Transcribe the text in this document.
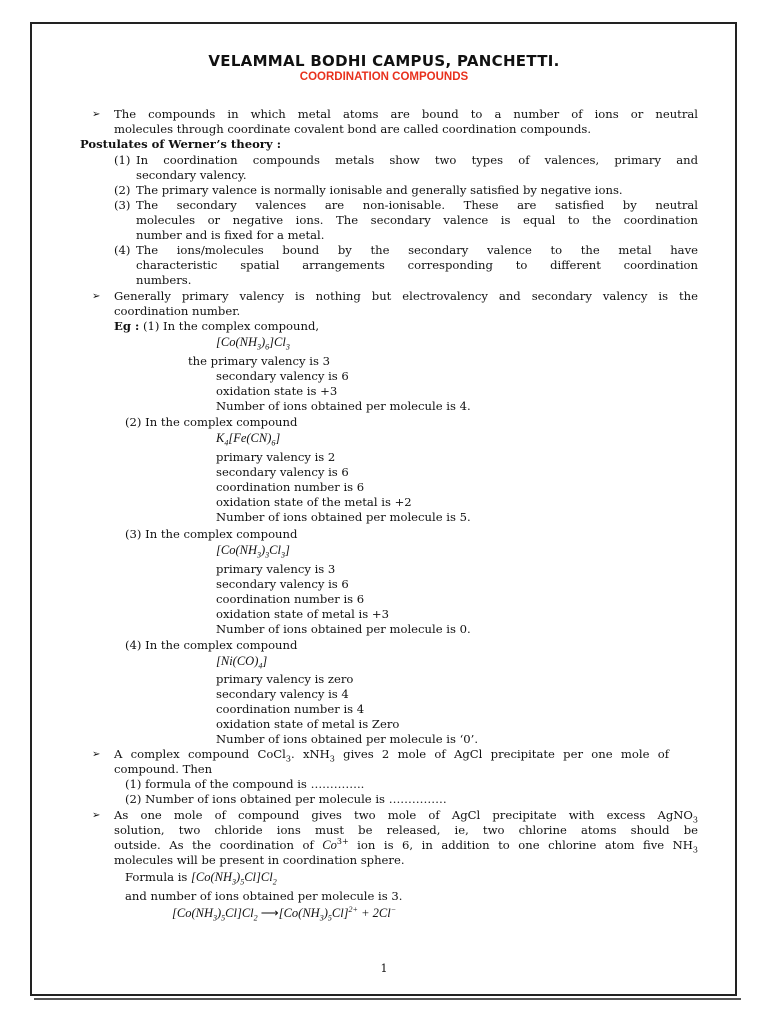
VELAMMAL BODHI CAMPUS, PANCHETTI.
COORDINATION COMPOUNDS
➢ The compounds in which metal atoms are bound to a number of ions or neutral
molecules through coordinate covalent bond are called coordination compounds.
Postulates of Werner’s theory :
(1) In coordination compounds metals show two types of valences, primary and
secondary valency.
(2) The primary valence is normally ionisable and generally satisfied by negative ions.
(3) The secondary valences are non-ionisable. These are satisfied by neutral
molecules or negative ions. The secondary valence is equal to the coordination
number and is fixed for a metal.
(4) The ions/molecules bound by the secondary valence to the metal have
characteristic spatial arrangements corresponding to different coordination
numbers.
➢ Generally primary valency is nothing but electrovalency and secondary valency is the
coordination number.
Eg : (1) In the complex compound,
$[Co(NH_3)_6]Cl_3$
the primary valency is 3
secondary valency is 6
oxidation state is +3
Number of ions obtained per molecule is 4.
(2) In the complex compound
$K_4[Fe(CN)_6]$
primary valency is 2
secondary valency is 6
coordination number is 6
oxidation state of the metal is +2
Number of ions obtained per molecule is 5.
(3) In the complex compound
$[Co(NH_3)_3Cl_3]$
primary valency is 3
secondary valency is 6
coordination number is 6
oxidation state of metal is +3
Number of ions obtained per molecule is 0.
(4) In the complex compound
$[Ni(CO)_4]$
primary valency is zero
secondary valency is 4
coordination number is 4
oxidation state of metal is Zero
Number of ions obtained per molecule is ‘0’.
➢ A complex compound CoCl$_3$. xNH$_3$ gives 2 mole of AgCl precipitate per one mole of
compound. Then
(1) formula of the compound is …………..
(2) Number of ions obtained per molecule is ……………
➢ As one mole of compound gives two mole of AgCl precipitate with excess AgNO$_3$
solution, two chloride ions must be released, ie, two chlorine atoms should be
outside. As the coordination of $Co^{3+}$ ion is 6, in addition to one chlorine atom five $NH_3$
molecules will be present in coordination sphere.
Formula is $[Co(NH_3)_5Cl]Cl_2$
and number of ions obtained per molecule is 3.
$[Co(NH_3)_5Cl]Cl_2$ $⟶[Co(NH_3)_5Cl]^{2+} + 2Cl^-$
1
